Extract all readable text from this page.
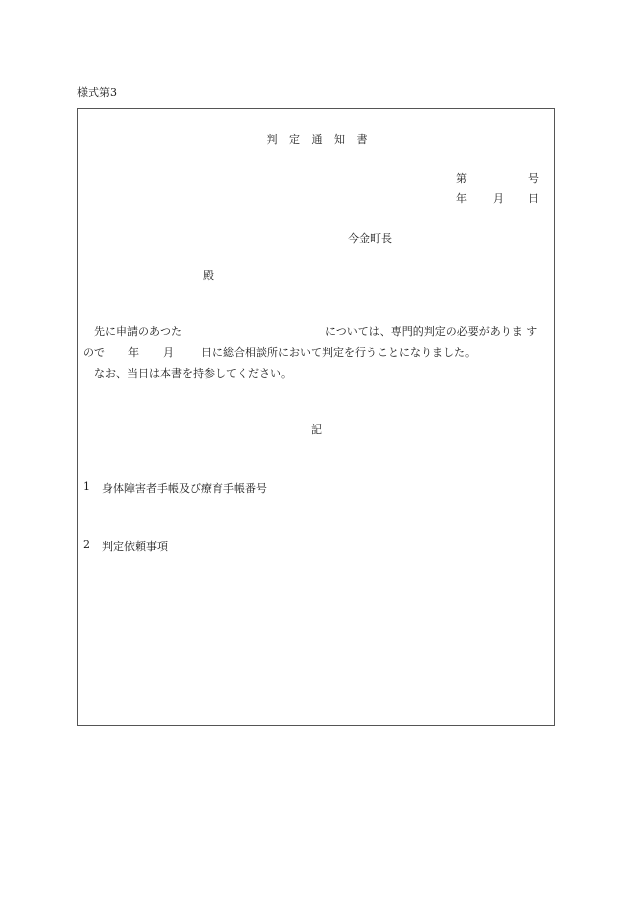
様式第3
判 定 通 知 書
第	号
年 月 日
今金町長
殿
先に申請のあつた	については、専門的判定の必要がありま す
ので 年 月 日に総合相談所において判定を行うことになりました。
なお、当日は本書を持参してください。
記
1 身体障害者手帳及び療育手帳番号
2 判定依頼事項
